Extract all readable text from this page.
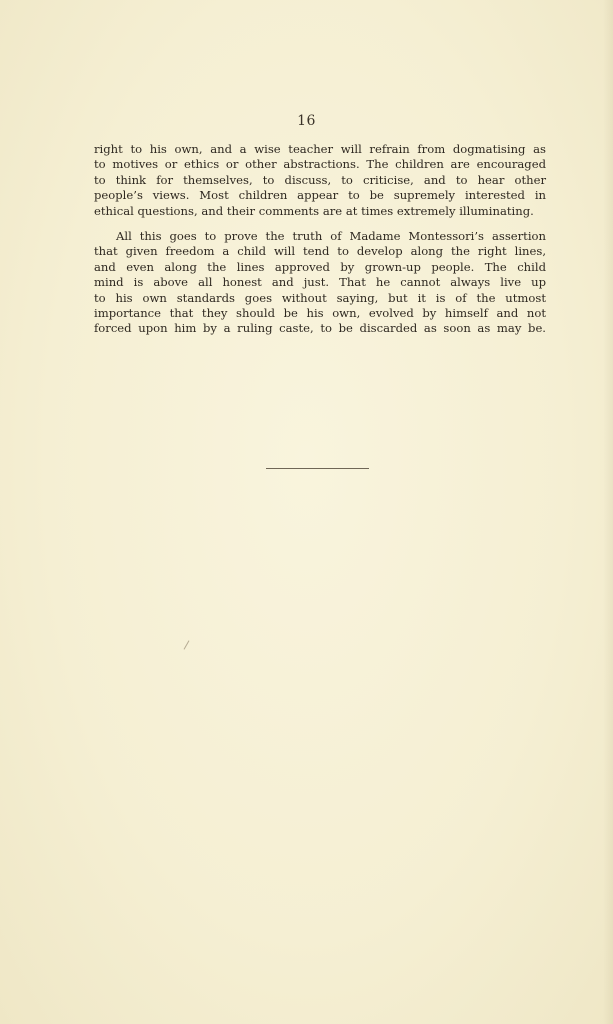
16

right to his own, and a wise teacher will refrain from dogmatising as
to motives or ethics or other abstractions. The children are encouraged
to think for themselves, to discuss, to criticise, and to hear other
people’s views. Most children appear to be supremely interested in
ethical questions, and their comments are at times extremely illuminating.

All this goes to prove the truth of Madame Montessori’s assertion
that given freedom a child will tend to develop along the right lines,
and even along the lines approved by grown-up people. The child
mind is above all honest and just. That he cannot always live up
to his own standards goes without saying, but it is of the utmost
importance that they should be his own, evolved by himself and not
forced upon him by a ruling caste, to be discarded as soon as may be.
